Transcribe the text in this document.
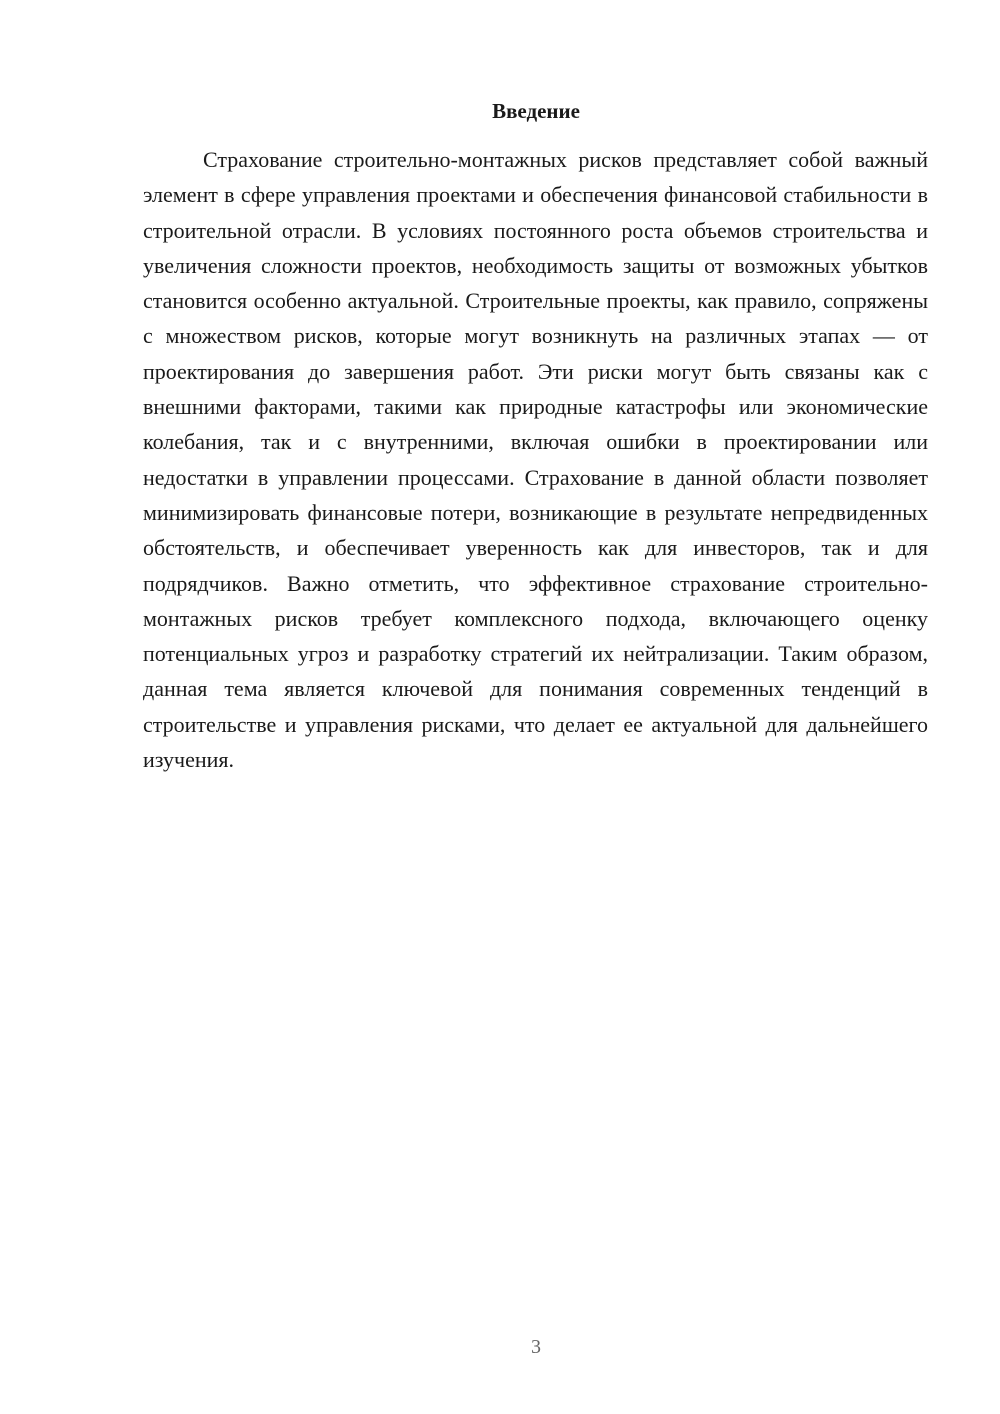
Введение

Страхование строительно-монтажных рисков представляет собой важный элемент в сфере управления проектами и обеспечения финансовой стабильности в строительной отрасли. В условиях постоянного роста объемов строительства и увеличения сложности проектов, необходимость защиты от возможных убытков становится особенно актуальной. Строительные проекты, как правило, сопряжены с множеством рисков, которые могут возникнуть на различных этапах — от проектирования до завершения работ. Эти риски могут быть связаны как с внешними факторами, такими как природные катастрофы или экономические колебания, так и с внутренними, включая ошибки в проектировании или недостатки в управлении процессами. Страхование в данной области позволяет минимизировать финансовые потери, возникающие в результате непредвиденных обстоятельств, и обеспечивает уверенность как для инвесторов, так и для подрядчиков. Важно отметить, что эффективное страхование строительно-монтажных рисков требует комплексного подхода, включающего оценку потенциальных угроз и разработку стратегий их нейтрализации. Таким образом, данная тема является ключевой для понимания современных тенденций в строительстве и управления рисками, что делает ее актуальной для дальнейшего изучения.

3
